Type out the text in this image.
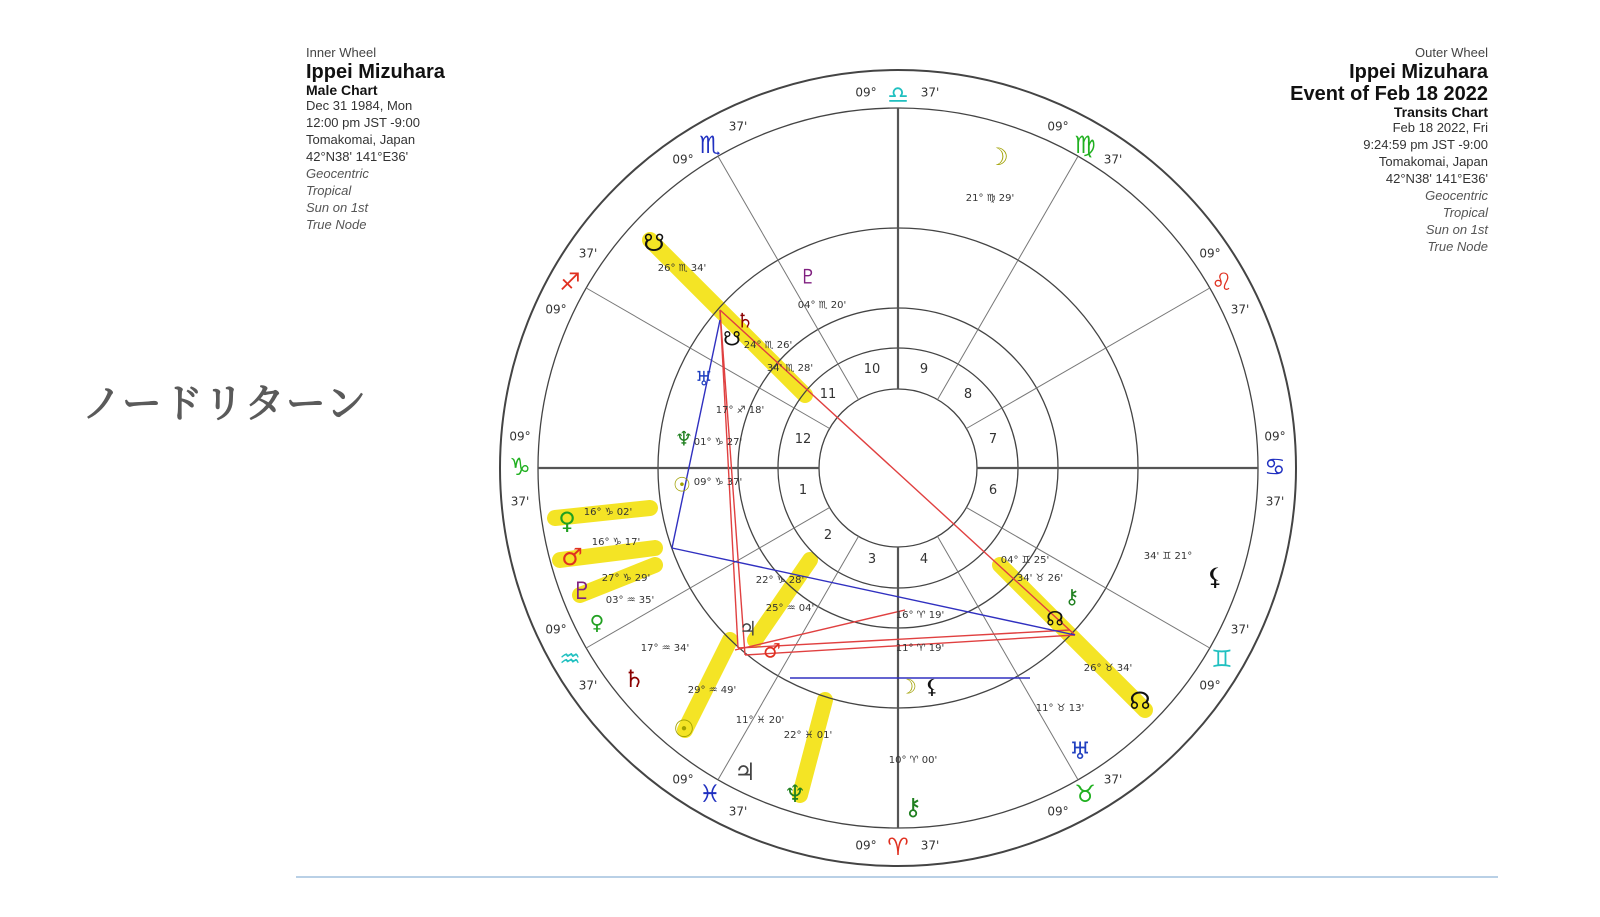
ノードリターン
Inner Wheel
Ippei Mizuhara
Male Chart
Dec 31 1984, Mon
12:00 pm JST -9:00
Tomakomai, Japan
42°N38' 141°E36'
Geocentric
Tropical
Sun on 1st
True Node
Outer Wheel
Ippei Mizuhara
Event of Feb 18 2022
Transits Chart
Feb 18 2022, Fri
9:24:59 pm JST -9:00
Tomakomai, Japan
42°N38' 141°E36'
Geocentric
Tropical
Sun on 1st
True Node
10	9
8
7
6
4
3
2
1
12
11
♎
09°	37'
♍
09°
37'
♌
09°
37'
♋
09°
37'
♊
37'
09°
♉
37'
09°
♈
09°	37'
♓
09°
37'
♒
09°
37'
♑
09°
37'
♐
37'
09°
♏
37'
09°
☋
26° ♏ 34'
☽
21° ♍ 29'
⚸
34' ♊ 21°
☊
26° ♉ 34'
⚷
10° ♈ 00'
♆
22° ♓ 01'
♃
11° ♓ 20'
☉
29° ♒ 49'
♄
17° ♒ 34'
♀ 16° ♑ 02'
♂
16° ♑ 17'
♇ 27° ♑ 29'
♅
11° ♉ 13'
♇
04° ♏ 20'
♄
24° ♏ 26'
☋
34' ♏ 28'
♅
17° ♐ 18'
♆ 01° ♑ 27'
☉ 09° ♑ 37'
♀
03° ♒ 35'
♂
25° ♒ 04'
♃
22° ♑ 28'
☽
16° ♈ 19'
⚸
11° ♈ 19'
☊
34' ♉ 26'
⚷
04° ♊ 25'
